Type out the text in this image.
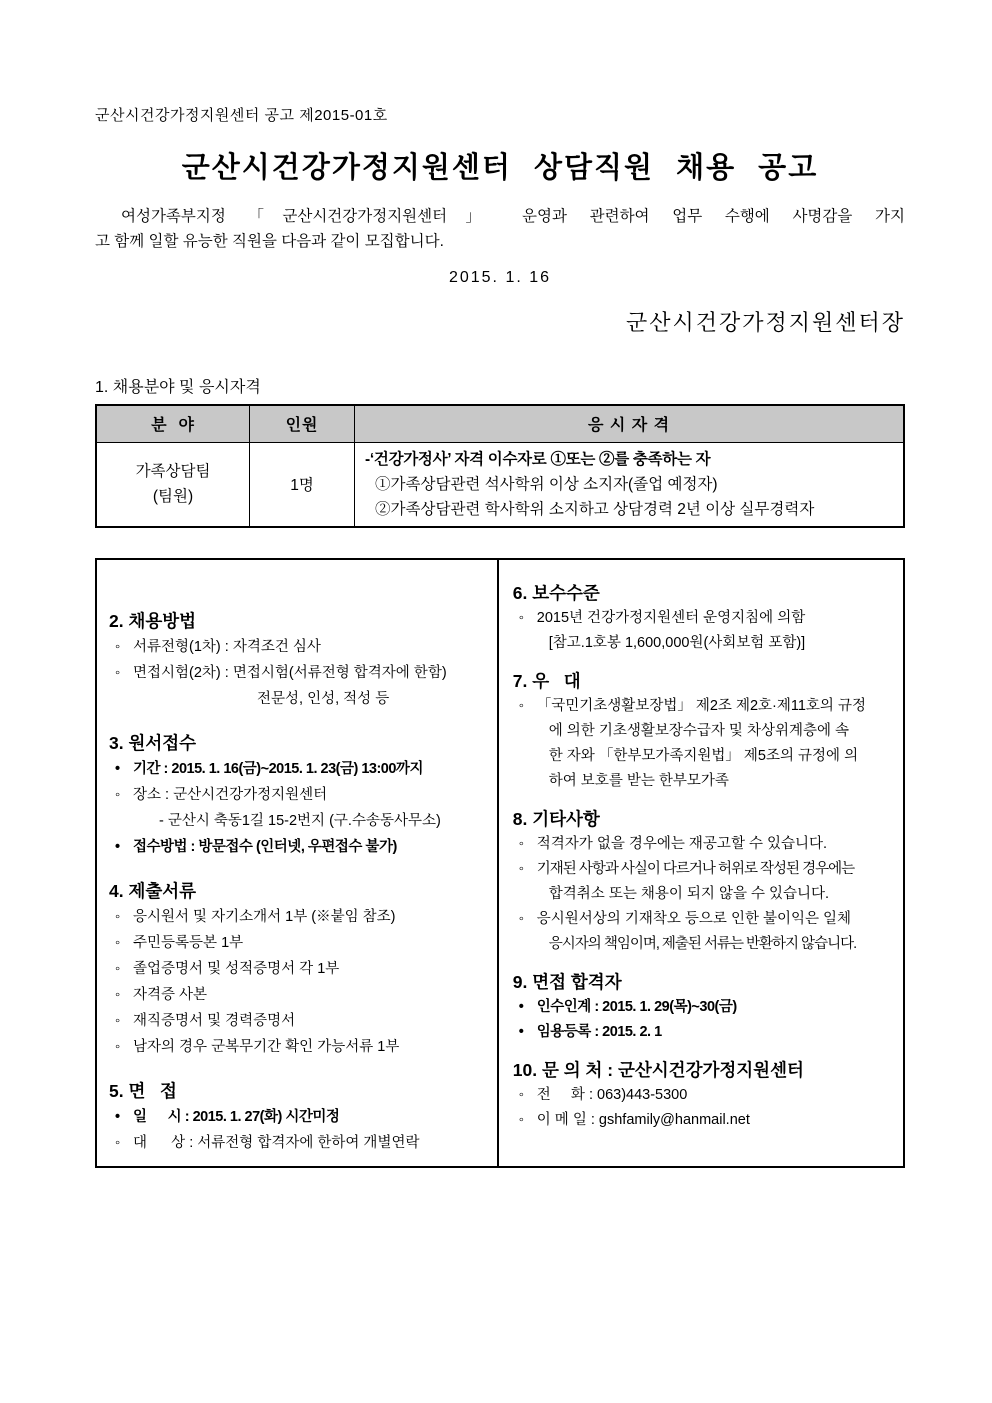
군산시건강가정지원센터 공고 제2015-01호
군산시건강가정지원센터 상담직원 채용 공고
여성가족부지정 「군산시건강가정지원센터」 운영과 관련하여 업무 수행에 사명감을 가지
고 함께 일할 유능한 직원을 다음과 같이 모집합니다.
2015. 1. 16
군산시건강가정지원센터장
1. 채용분야 및 응시자격
분  야	인원	응 시 자 격

가족상담팀
(팀원)
	1명	
-‘건강가정사’ 자격 이수자로 ①또는 ②를 충족하는 자
①가족상담관련 석사학위 이상 소지자(졸업 예정자)
②가족상담관련 학사학위 소지하고 상담경력 2년 이상 실무경력자
2. 채용방법
◦ 서류전형(1차) : 자격조건 심사
◦ 면접시험(2차) : 면접시험(서류전형 합격자에 한함)
전문성, 인성, 적성 등
3. 원서접수
• 기간 : 2015. 1. 16(금)~2015. 1. 23(금) 13:00까지
◦ 장소 : 군산시건강가정지원센터
- 군산시 축동1길 15-2번지 (구.수송동사무소)
• 접수방법 : 방문접수 (인터넷, 우편접수 불가)
4. 제출서류
◦ 응시원서 및 자기소개서 1부 (※붙임 참조)
◦ 주민등록등본 1부
◦ 졸업증명서 및 성적증명서 각 1부
◦ 자격증 사본
◦ 재직증명서 및 경력증명서
◦ 남자의 경우 군복무기간 확인 가능서류 1부
5. 면   접
• 일      시 : 2015. 1. 27(화) 시간미정
◦ 대      상 : 서류전형 합격자에 한하여 개별연락
6. 보수수준
◦ 2015년 건강가정지원센터 운영지침에 의함
[참고.1호봉 1,600,000원(사회보험 포함)]
7. 우   대
◦ 「국민기초생활보장법」 제2조 제2호·제11호의 규정
에 의한 기초생활보장수급자 및 차상위계층에 속
한 자와 「한부모가족지원법」 제5조의 규정에 의
하여 보호를 받는 한부모가족
8. 기타사항
◦ 적격자가 없을 경우에는 재공고할 수 있습니다.
◦ 기재된 사항과 사실이 다르거나 허위로 작성된 경우에는
합격취소 또는 채용이 되지 않을 수 있습니다.
◦ 응시원서상의 기재착오 등으로 인한 불이익은 일체
응시자의 책임이며, 제출된 서류는 반환하지 않습니다.
9. 면접 합격자
• 인수인계 : 2015. 1. 29(목)~30(금)
• 임용등록 : 2015. 2. 1
10. 문 의 처 : 군산시건강가정지원센터
◦ 전     화 : 063)443-5300
◦ 이 메 일 : gshfamily@hanmail.net
